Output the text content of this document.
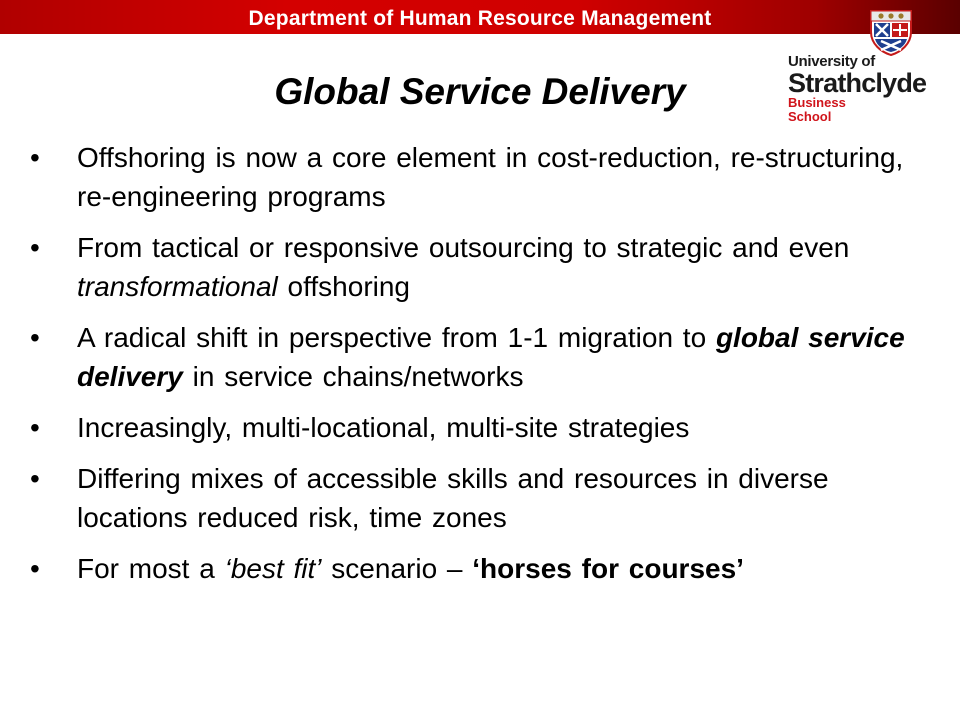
Department of Human Resource Management
University of
Strathclyde
Business
School
Global Service Delivery
• Offshoring is now a core element in cost-reduction, re-structuring, re-engineering programs
• From tactical or responsive outsourcing to strategic and even transformational offshoring
• A radical shift in perspective from 1-1 migration to global service delivery in service chains/networks
• Increasingly, multi-locational, multi-site strategies
• Differing mixes of accessible skills and resources in diverse locations reduced risk, time zones
• For most a ‘best fit’ scenario – ‘horses for courses’
